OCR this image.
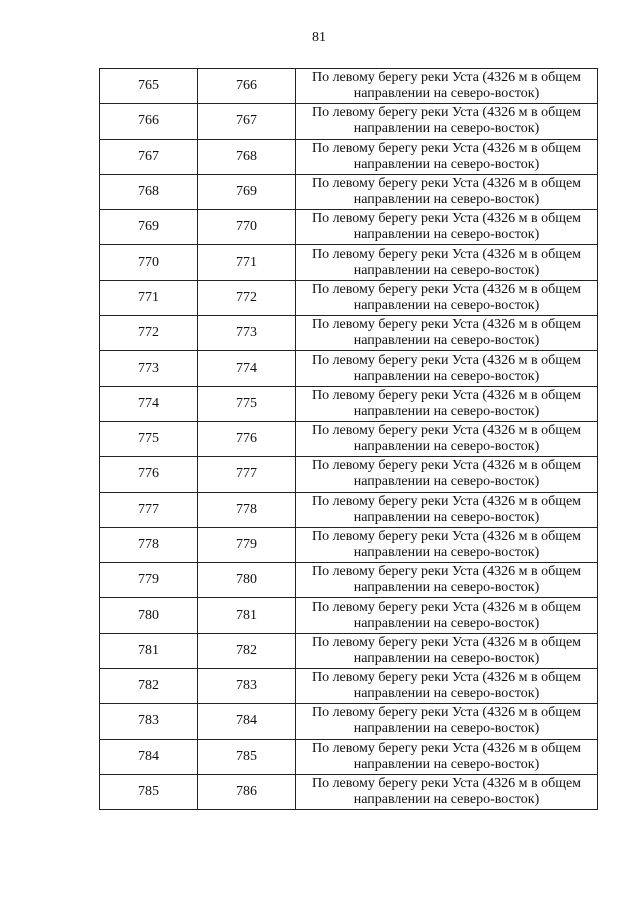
81
765	766	По левому берегу реки Уста (4326 м в общем направлении на северо-восток)
766	767	По левому берегу реки Уста (4326 м в общем направлении на северо-восток)
767	768	По левому берегу реки Уста (4326 м в общем направлении на северо-восток)
768	769	По левому берегу реки Уста (4326 м в общем направлении на северо-восток)
769	770	По левому берегу реки Уста (4326 м в общем направлении на северо-восток)
770	771	По левому берегу реки Уста (4326 м в общем направлении на северо-восток)
771	772	По левому берегу реки Уста (4326 м в общем направлении на северо-восток)
772	773	По левому берегу реки Уста (4326 м в общем направлении на северо-восток)
773	774	По левому берегу реки Уста (4326 м в общем направлении на северо-восток)
774	775	По левому берегу реки Уста (4326 м в общем направлении на северо-восток)
775	776	По левому берегу реки Уста (4326 м в общем направлении на северо-восток)
776	777	По левому берегу реки Уста (4326 м в общем направлении на северо-восток)
777	778	По левому берегу реки Уста (4326 м в общем направлении на северо-восток)
778	779	По левому берегу реки Уста (4326 м в общем направлении на северо-восток)
779	780	По левому берегу реки Уста (4326 м в общем направлении на северо-восток)
780	781	По левому берегу реки Уста (4326 м в общем направлении на северо-восток)
781	782	По левому берегу реки Уста (4326 м в общем направлении на северо-восток)
782	783	По левому берегу реки Уста (4326 м в общем направлении на северо-восток)
783	784	По левому берегу реки Уста (4326 м в общем направлении на северо-восток)
784	785	По левому берегу реки Уста (4326 м в общем направлении на северо-восток)
785	786	По левому берегу реки Уста (4326 м в общем направлении на северо-восток)
